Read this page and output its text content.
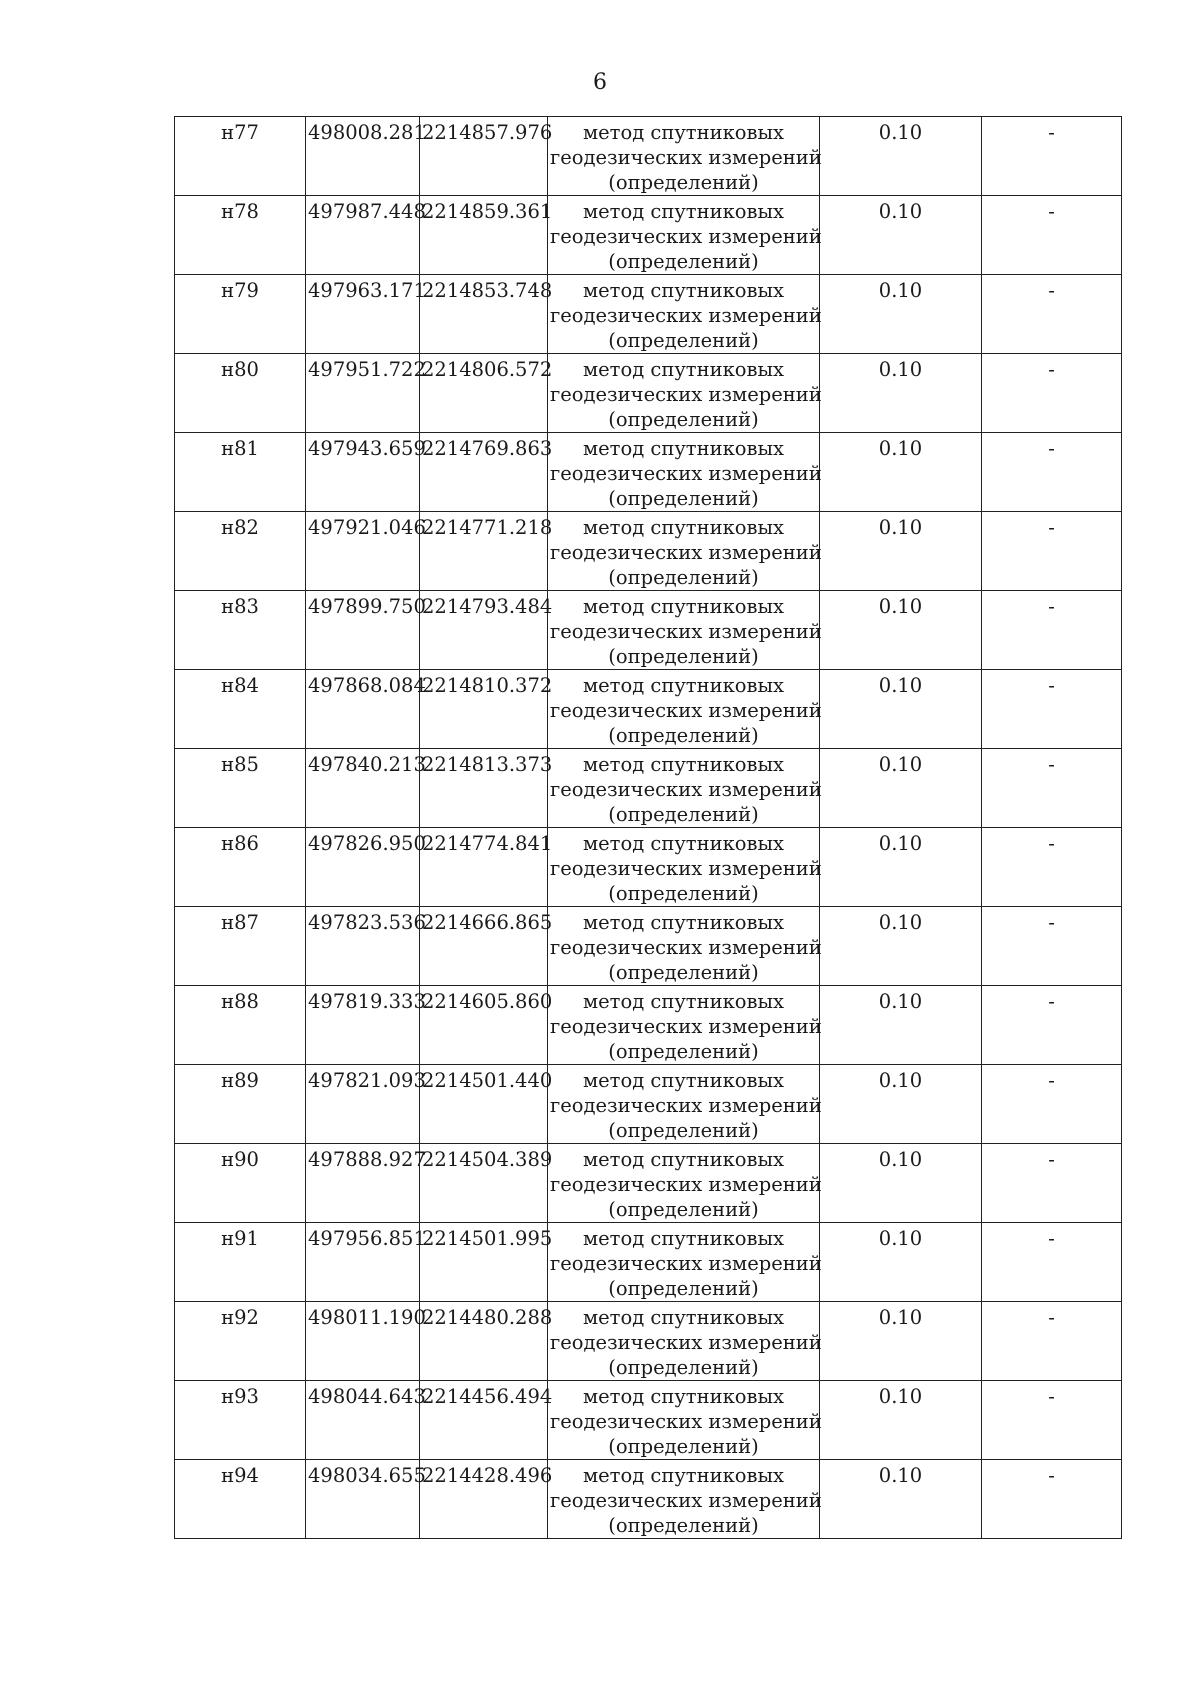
6
н77	498008.281	2214857.976	метод спутниковых
геодезических измерений
(определений)	0.10	-
н78	497987.448	2214859.361	метод спутниковых
геодезических измерений
(определений)	0.10	-
н79	497963.171	2214853.748	метод спутниковых
геодезических измерений
(определений)	0.10	-
н80	497951.722	2214806.572	метод спутниковых
геодезических измерений
(определений)	0.10	-
н81	497943.659	2214769.863	метод спутниковых
геодезических измерений
(определений)	0.10	-
н82	497921.046	2214771.218	метод спутниковых
геодезических измерений
(определений)	0.10	-
н83	497899.750	2214793.484	метод спутниковых
геодезических измерений
(определений)	0.10	-
н84	497868.084	2214810.372	метод спутниковых
геодезических измерений
(определений)	0.10	-
н85	497840.213	2214813.373	метод спутниковых
геодезических измерений
(определений)	0.10	-
н86	497826.950	2214774.841	метод спутниковых
геодезических измерений
(определений)	0.10	-
н87	497823.536	2214666.865	метод спутниковых
геодезических измерений
(определений)	0.10	-
н88	497819.333	2214605.860	метод спутниковых
геодезических измерений
(определений)	0.10	-
н89	497821.093	2214501.440	метод спутниковых
геодезических измерений
(определений)	0.10	-
н90	497888.927	2214504.389	метод спутниковых
геодезических измерений
(определений)	0.10	-
н91	497956.851	2214501.995	метод спутниковых
геодезических измерений
(определений)	0.10	-
н92	498011.190	2214480.288	метод спутниковых
геодезических измерений
(определений)	0.10	-
н93	498044.643	2214456.494	метод спутниковых
геодезических измерений
(определений)	0.10	-
н94	498034.655	2214428.496	метод спутниковых
геодезических измерений
(определений)	0.10	-
